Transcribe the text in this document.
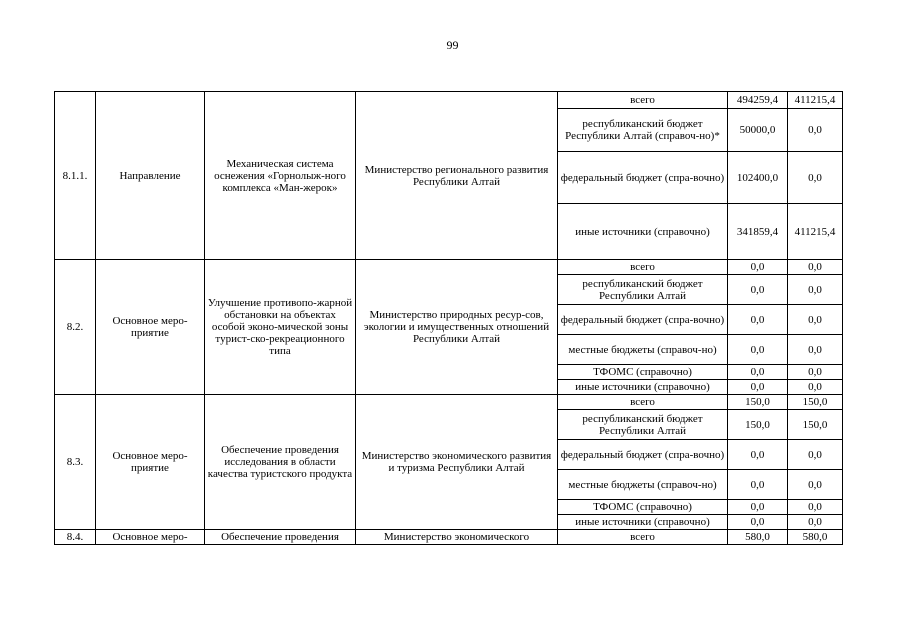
99
8.1.1.	Направление	Механическая система оснежения «Горнолыж-ного комплекса «Ман-жерок»	Министерство регионального развития Республики Алтай	всего	494259,4	411215,4
				республиканский бюджет Республики Алтай (справоч-но)*	50000,0	0,0
				федеральный бюджет (спра-вочно)	102400,0	0,0
				иные источники (справочно)	341859,4	411215,4
8.2.	Основное меро-приятие	Улучшение противопо-жарной обстановки на объектах особой эконо-мической зоны турист-ско-рекреационного типа	Министерство природных ресур-сов, экологии и имущественных отношений Республики Алтай	всего	0,0	0,0
				республиканский бюджет Республики Алтай	0,0	0,0
				федеральный бюджет (спра-вочно)	0,0	0,0
				местные бюджеты (справоч-но)	0,0	0,0
				ТФОМС (справочно)	0,0	0,0
				иные источники (справочно)	0,0	0,0
8.3.	Основное меро-приятие	Обеспечение проведения исследования в области качества туристского продукта	Министерство экономического развития и туризма Республики Алтай	всего	150,0	150,0
				республиканский бюджет Республики Алтай	150,0	150,0
				федеральный бюджет (спра-вочно)	0,0	0,0
				местные бюджеты (справоч-но)	0,0	0,0
				ТФОМС (справочно)	0,0	0,0
				иные источники (справочно)	0,0	0,0
8.4.	Основное меро-	Обеспечение проведения	Министерство экономического	всего	580,0	580,0
